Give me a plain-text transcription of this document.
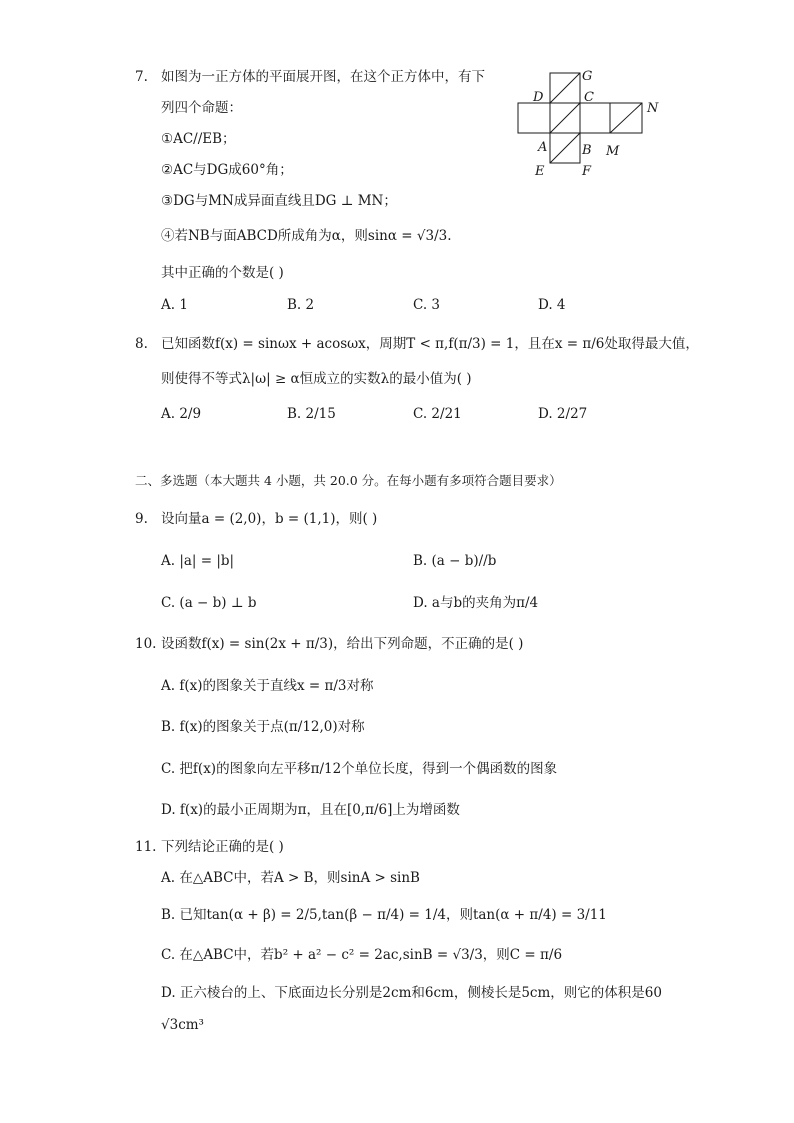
7. 如图为一正方体的平面展开图，在这个正方体中，有下
列四个命题：
①AC//EB；
②AC与DG成60°角；
③DG与MN成异面直线且DG ⊥ MN；
④若NB与面ABCD所成角为α，则sinα = √3/3.
其中正确的个数是( )
A. 1	B. 2	C. 3	D. 4
G
D	C
N
A	B M
E	F
8. 已知函数f(x) = sinωx + acosωx，周期T < π,f(π/3) = 1，且在x = π/6处取得最大值，
则使得不等式λ|ω| ≥ α恒成立的实数λ的最小值为( )
A. 2/9	B. 2/15	C. 2/21	D. 2/27
二、多选题（本大题共 4 小题，共 20.0 分。在每小题有多项符合题目要求）
9. 设向量a = (2,0)，b = (1,1)，则( )
A. |a| = |b|	B. (a − b)//b
C. (a − b) ⊥ b	D. a与b的夹角为π/4
10. 设函数f(x) = sin(2x + π/3)，给出下列命题，不正确的是( )
A. f(x)的图象关于直线x = π/3对称
B. f(x)的图象关于点(π/12,0)对称
C. 把f(x)的图象向左平移π/12个单位长度，得到一个偶函数的图象
D. f(x)的最小正周期为π，且在[0,π/6]上为增函数
11. 下列结论正确的是( )
A. 在△ABC中，若A > B，则sinA > sinB
B. 已知tan(α + β) = 2/5,tan(β − π/4) = 1/4，则tan(α + π/4) = 3/11
C. 在△ABC中，若b² + a² − c² = 2ac,sinB = √3/3，则C = π/6
D. 正六棱台的上、下底面边长分别是2cm和6cm，侧棱长是5cm，则它的体积是60
√3cm³
